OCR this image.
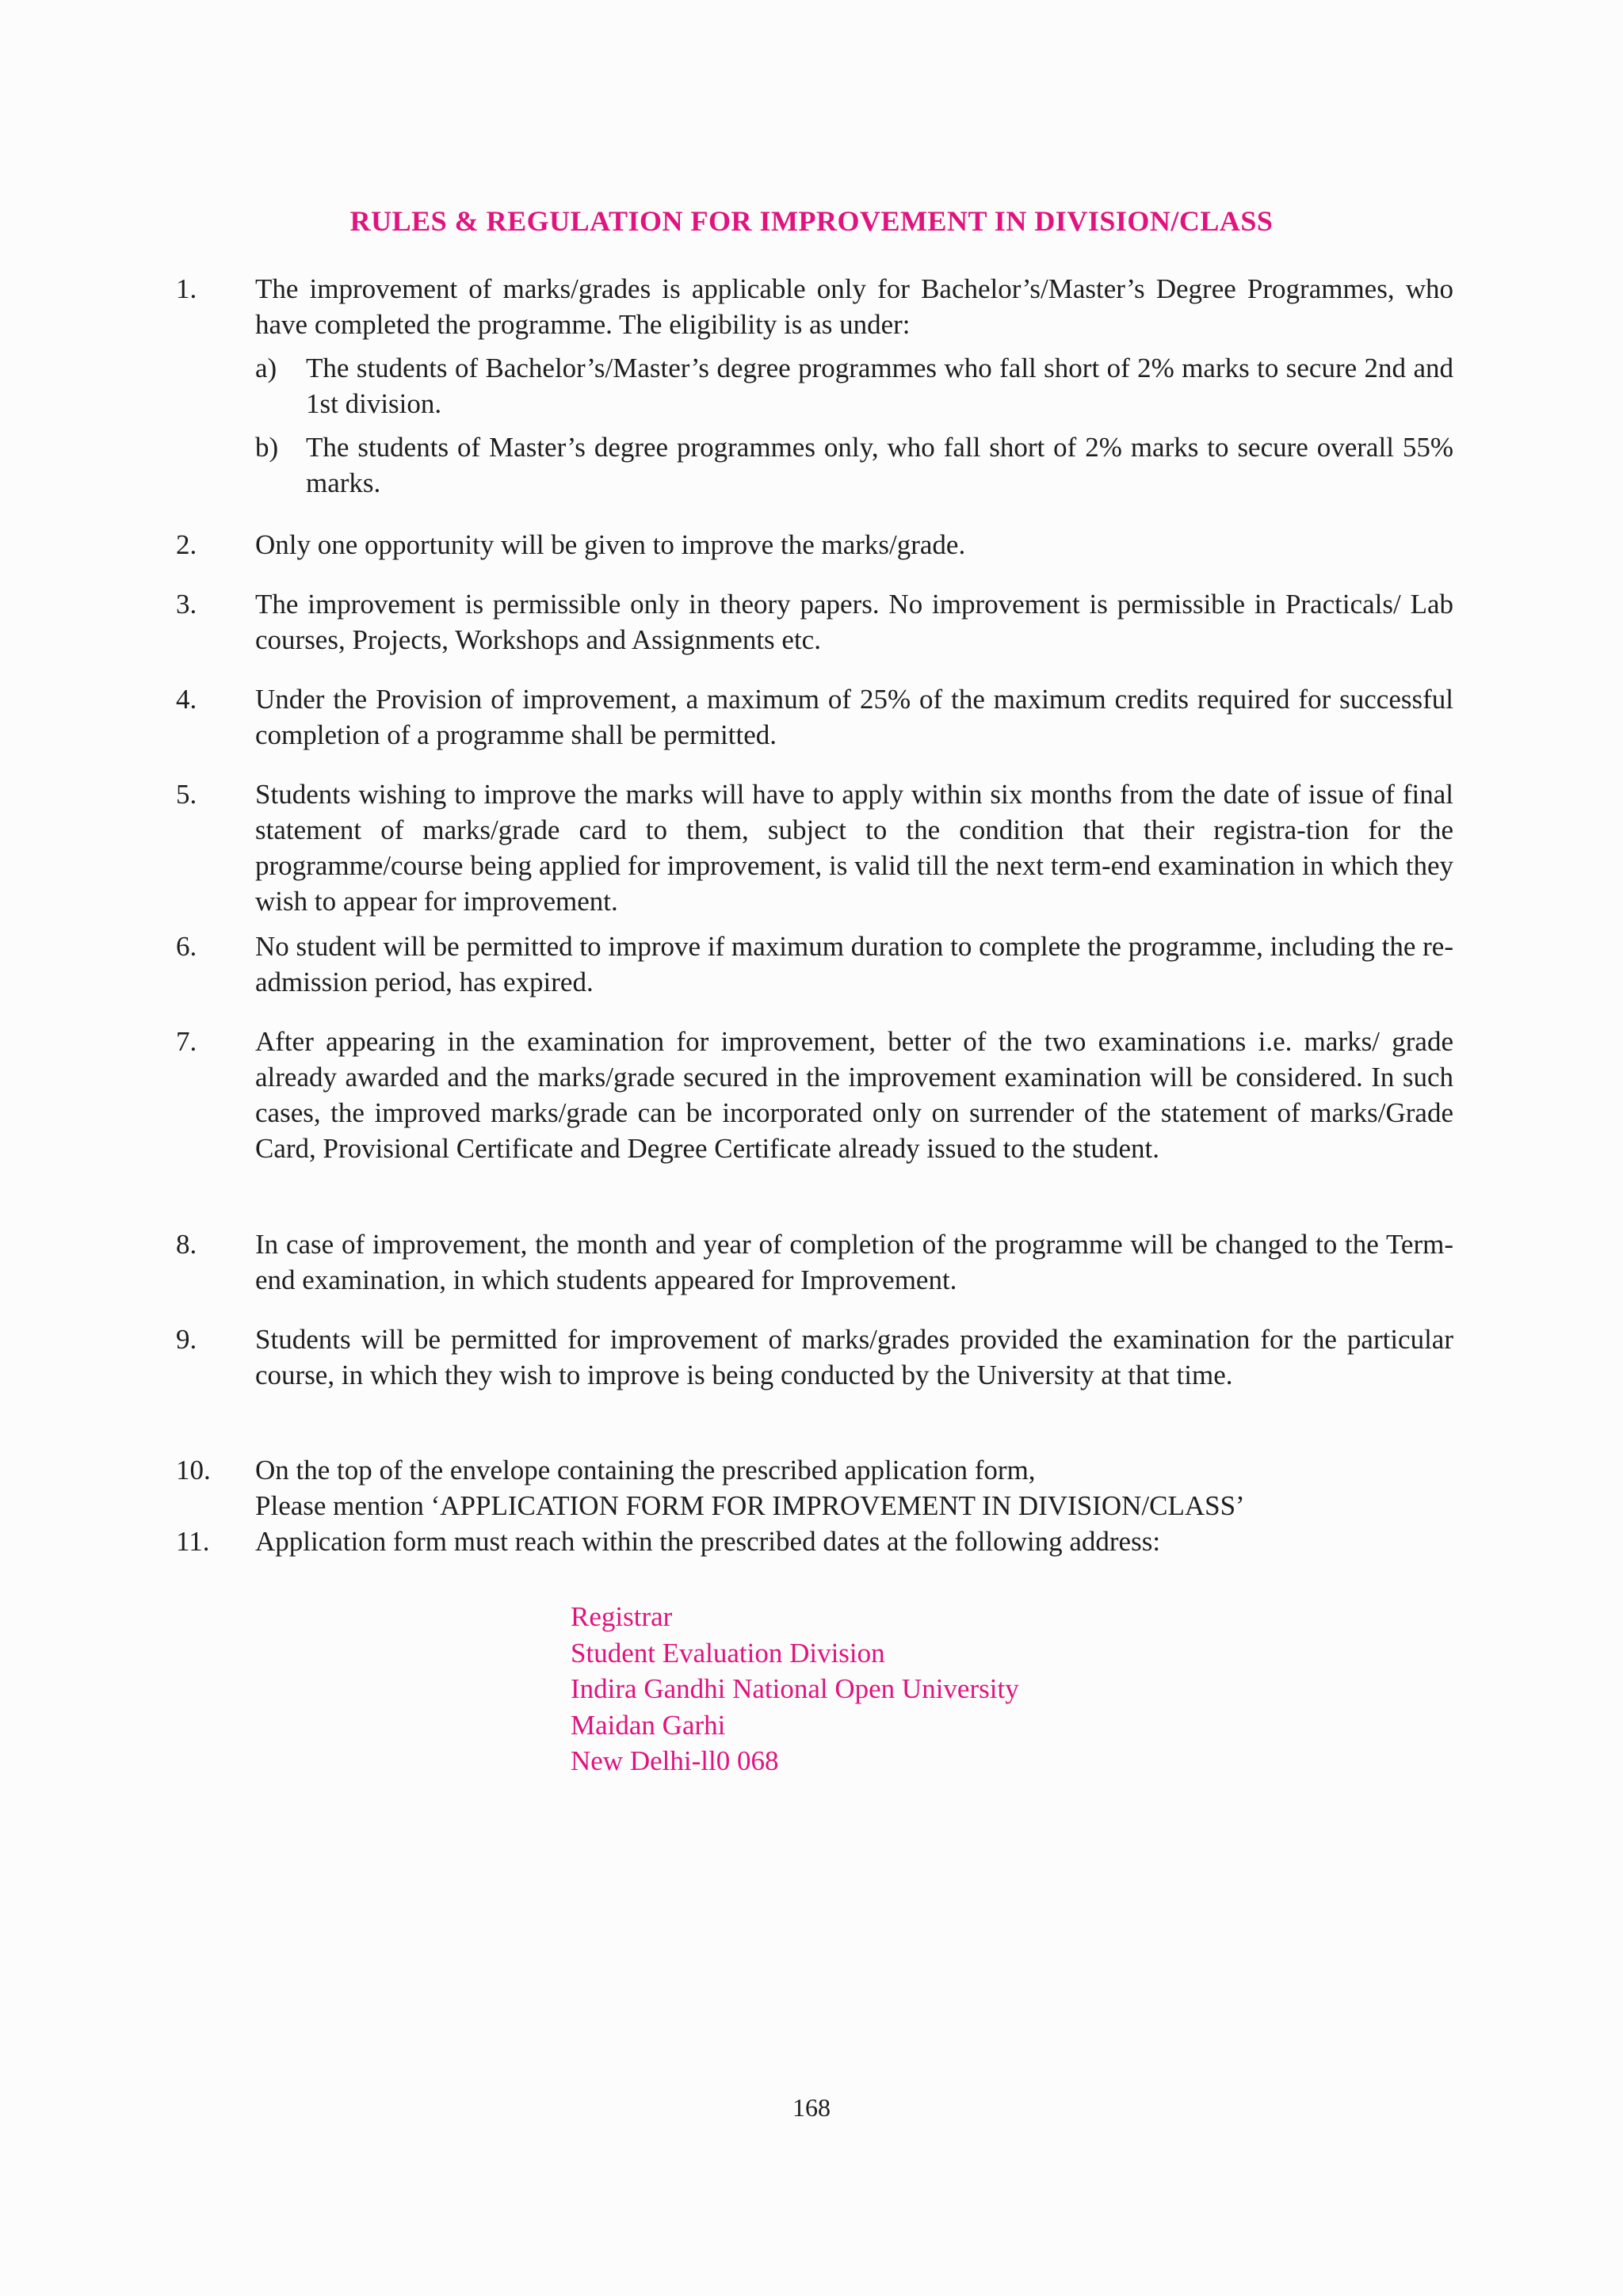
RULES & REGULATION FOR IMPROVEMENT IN DIVISION/CLASS
1. The improvement of marks/grades is applicable only for Bachelor’s/Master’s Degree Programmes, who have completed the programme. The eligibility is as under:
a) The students of Bachelor’s/Master’s degree programmes who fall short of 2% marks to secure 2nd and 1st division.
b) The students of Master’s degree programmes only, who fall short of 2% marks to secure overall 55% marks.
2. Only one opportunity will be given to improve the marks/grade.
3. The improvement is permissible only in theory papers. No improvement is permissible in Practicals/ Lab courses, Projects, Workshops and Assignments etc.
4. Under the Provision of improvement, a maximum of 25% of the maximum credits required for successful completion of a programme shall be permitted.
5. Students wishing to improve the marks will have to apply within six months from the date of issue of final statement of marks/grade card to them, subject to the condition that their registra-tion for the programme/course being applied for improvement, is valid till the next term-end examination in which they wish to appear for improvement.
6. No student will be permitted to improve if maximum duration to complete the programme, including the re-admission period, has expired.
7. After appearing in the examination for improvement, better of the two examinations i.e. marks/ grade already awarded and the marks/grade secured in the improvement examination will be considered. In such cases, the improved marks/grade can be incorporated only on surrender of the statement of marks/Grade Card, Provisional Certificate and Degree Certificate already issued to the student.
8. In case of improvement, the month and year of completion of the programme will be changed to the Term-end examination, in which students appeared for Improvement.
9. Students will be permitted for improvement of marks/grades provided the examination for the particular course, in which they wish to improve is being conducted by the University at that time.
10. On the top of the envelope containing the prescribed application form,
Please mention ‘APPLICATION FORM FOR IMPROVEMENT IN DIVISION/CLASS’
11. Application form must reach within the prescribed dates at the following address:
Registrar
Student Evaluation Division
Indira Gandhi National Open University
Maidan Garhi
New Delhi-ll0 068
168
